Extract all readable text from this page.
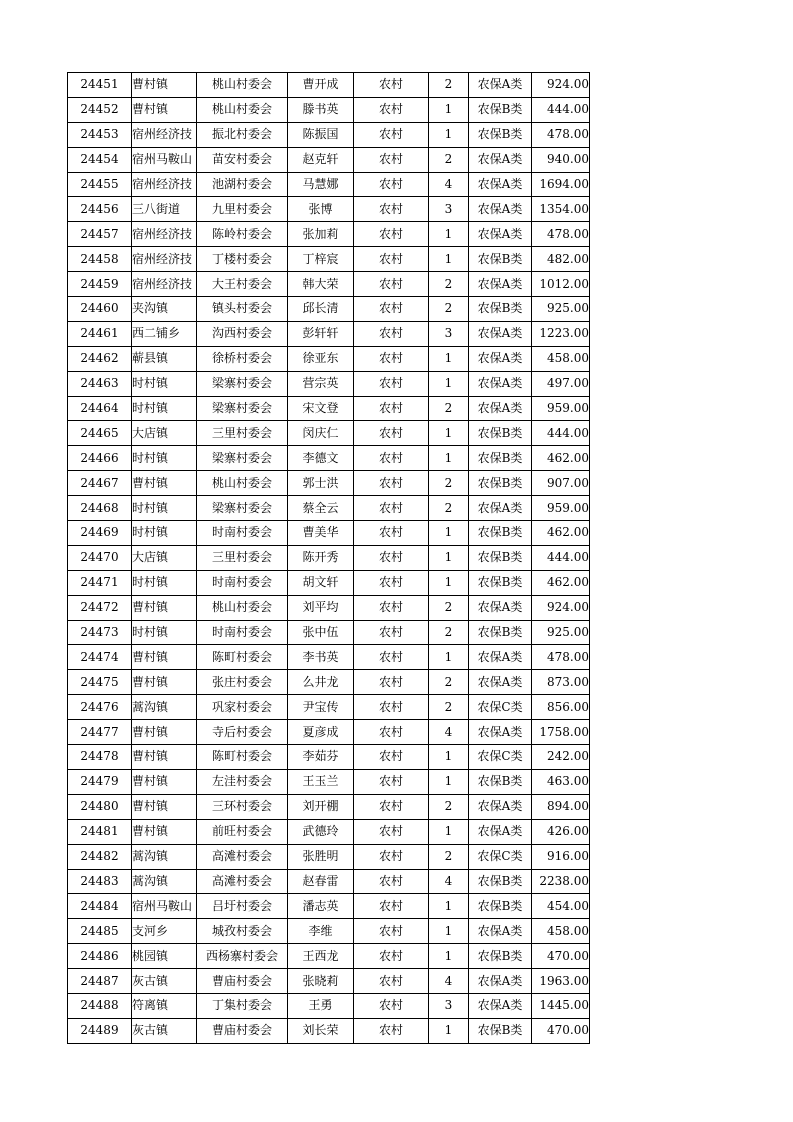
24451	曹村镇	桃山村委会	曹开成	农村	2	农保A类	924.00
24452	曹村镇	桃山村委会	滕书英	农村	1	农保B类	444.00
24453	宿州经济技	振北村委会	陈振国	农村	1	农保B类	478.00
24454	宿州马鞍山	苗安村委会	赵克轩	农村	2	农保A类	940.00
24455	宿州经济技	池湖村委会	马慧娜	农村	4	农保A类	1694.00
24456	三八街道	九里村委会	张博	农村	3	农保A类	1354.00
24457	宿州经济技	陈岭村委会	张加莉	农村	1	农保A类	478.00
24458	宿州经济技	丁楼村委会	丁梓宸	农村	1	农保B类	482.00
24459	宿州经济技	大王村委会	韩大荣	农村	2	农保A类	1012.00
24460	夹沟镇	镇头村委会	邱长清	农村	2	农保B类	925.00
24461	西二铺乡	沟西村委会	彭轩轩	农村	3	农保A类	1223.00
24462	蕲县镇	徐桥村委会	徐亚东	农村	1	农保A类	458.00
24463	时村镇	梁寨村委会	营宗英	农村	1	农保A类	497.00
24464	时村镇	梁寨村委会	宋文登	农村	2	农保A类	959.00
24465	大店镇	三里村委会	闵庆仁	农村	1	农保B类	444.00
24466	时村镇	梁寨村委会	李德文	农村	1	农保B类	462.00
24467	曹村镇	桃山村委会	郭士洪	农村	2	农保B类	907.00
24468	时村镇	梁寨村委会	蔡全云	农村	2	农保A类	959.00
24469	时村镇	时南村委会	曹美华	农村	1	农保B类	462.00
24470	大店镇	三里村委会	陈开秀	农村	1	农保B类	444.00
24471	时村镇	时南村委会	胡文轩	农村	1	农保B类	462.00
24472	曹村镇	桃山村委会	刘平均	农村	2	农保A类	924.00
24473	时村镇	时南村委会	张中伍	农村	2	农保B类	925.00
24474	曹村镇	陈町村委会	李书英	农村	1	农保A类	478.00
24475	曹村镇	张庄村委会	么井龙	农村	2	农保A类	873.00
24476	蒿沟镇	巩家村委会	尹宝传	农村	2	农保C类	856.00
24477	曹村镇	寺后村委会	夏彦成	农村	4	农保A类	1758.00
24478	曹村镇	陈町村委会	李茹芬	农村	1	农保C类	242.00
24479	曹村镇	左洼村委会	王玉兰	农村	1	农保B类	463.00
24480	曹村镇	三环村委会	刘开棚	农村	2	农保A类	894.00
24481	曹村镇	前旺村委会	武德玲	农村	1	农保A类	426.00
24482	蒿沟镇	高滩村委会	张胜明	农村	2	农保C类	916.00
24483	蒿沟镇	高滩村委会	赵春雷	农村	4	农保B类	2238.00
24484	宿州马鞍山	吕圩村委会	潘志英	农村	1	农保B类	454.00
24485	支河乡	城孜村委会	李维	农村	1	农保A类	458.00
24486	桃园镇	西杨寨村委会	王西龙	农村	1	农保B类	470.00
24487	灰古镇	曹庙村委会	张晓莉	农村	4	农保A类	1963.00
24488	符离镇	丁集村委会	王勇	农村	3	农保A类	1445.00
24489	灰古镇	曹庙村委会	刘长荣	农村	1	农保B类	470.00
